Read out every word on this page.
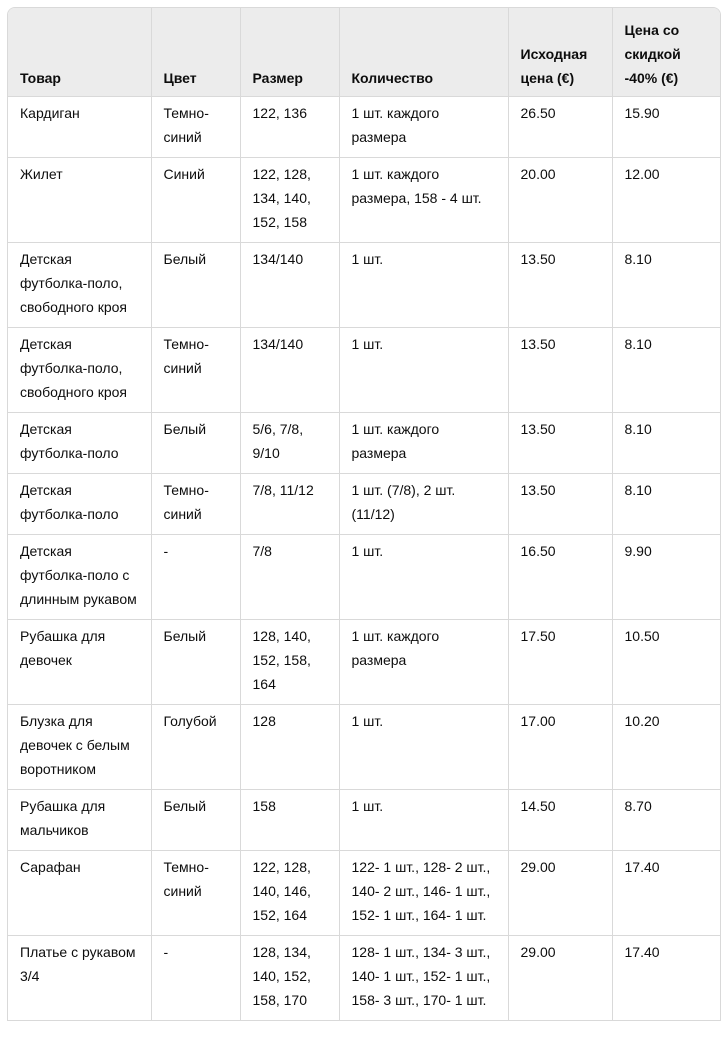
Товар	Цвет	Размер	Количество	Исходная цена (€)	Цена со скидкой -40% (€)
Кардиган	Темно-синий	122, 136	1 шт. каждого размера	26.50	15.90
Жилет	Синий	122, 128, 134, 140, 152, 158	1 шт. каждого размера, 158 - 4 шт.	20.00	12.00
Детская футболка-поло, свободного кроя	Белый	134/140	1 шт.	13.50	8.10
Детская футболка-поло, свободного кроя	Темно-синий	134/140	1 шт.	13.50	8.10
Детская футболка-поло	Белый	5/6, 7/8, 9/10	1 шт. каждого размера	13.50	8.10
Детская футболка-поло	Темно-синий	7/8, 11/12	1 шт. (7/8), 2 шт. (11/12)	13.50	8.10
Детская футболка-поло с длинным рукавом	-	7/8	1 шт.	16.50	9.90
Рубашка для девочек	Белый	128, 140, 152, 158, 164	1 шт. каждого размера	17.50	10.50
Блузка для девочек с белым воротником	Голубой	128	1 шт.	17.00	10.20
Рубашка для мальчиков	Белый	158	1 шт.	14.50	8.70
Сарафан	Темно-синий	122, 128, 140, 146, 152, 164	122- 1 шт., 128- 2 шт., 140- 2 шт., 146- 1 шт., 152- 1 шт., 164- 1 шт.	29.00	17.40
Платье с рукавом 3/4	-	128, 134, 140, 152, 158, 170	128- 1 шт., 134- 3 шт., 140- 1 шт., 152- 1 шт., 158- 3 шт., 170- 1 шт.	29.00	17.40
